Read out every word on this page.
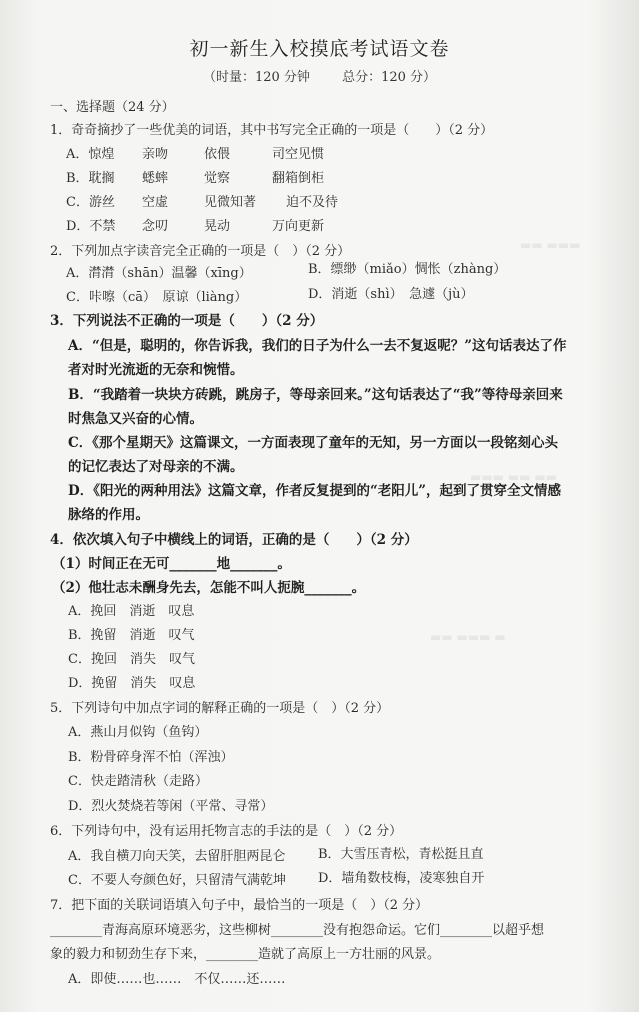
▬▬ ▬▬▬
▬▬▬ ▬▬ ▬▬
▬▬ ▬▬▬ ▬
初一新生入校摸底考试语文卷
（时量：120 分钟 总分：120 分）
一、选择题（24 分）
1．奇奇摘抄了一些优美的词语，其中书写完全正确的一项是（　　）（2 分）
A．惊煌 亲吻	依偎	司空见惯
B．耽搁 蟋蟀	觉察	翻箱倒柜
C．游丝 空虚	见微知著 迫不及待
D．不禁 念叨	晃动	万向更新
2．下列加点字读音完全正确的一项是（　）（2 分）
A．潸潸（shān）温馨（xīng）	B．缥缈（miǎo）惆怅（zhàng）
C．咔嚓（cā）　原谅（liàng）	D．消逝（shì）　急遽（jù）
3．下列说法不正确的一项是（　　）（2 分）
A．“但是，聪明的，你告诉我，我们的日子为什么一去不复返呢？”这句话表达了作
者对时光流逝的无奈和惋惜。
B．“我踏着一块块方砖跳，跳房子，等母亲回来。”这句话表达了“我”等待母亲回来
时焦急又兴奋的心情。
C．《那个星期天》这篇课文，一方面表现了童年的无知，另一方面以一段铭刻心头
的记忆表达了对母亲的不满。
D．《阳光的两种用法》这篇文章，作者反复提到的“老阳儿”，起到了贯穿全文情感
脉络的作用。
4．依次填入句子中横线上的词语，正确的是（　　）（2 分）
（1）时间正在无可_______地_______。
（2）他壮志未酬身先去，怎能不叫人扼腕_______。
A．挽回　消逝　叹息
B．挽留　消逝　叹气
C．挽回　消失　叹气
D．挽留　消失　叹息
5．下列诗句中加点字词的解释正确的一项是（　）（2 分）
A．燕山月似钩（鱼钩）
B．粉骨碎身浑不怕（浑浊）
C．快走踏清秋（走路）
D．烈火焚烧若等闲（平常、寻常）
6．下列诗句中，没有运用托物言志的手法的是（　）（2 分）
A．我自横刀向天笑，去留肝胆两昆仑	B．大雪压青松，青松挺且直
C．不要人夸颜色好，只留清气满乾坤 D．墙角数枝梅，凌寒独自开
7．把下面的关联词语填入句子中，最恰当的一项是（　）（2 分）
________青海高原环境恶劣，这些柳树________没有抱怨命运。它们________以超乎想
象的毅力和韧劲生存下来，________造就了高原上一方壮丽的风景。
A．即使……也……　不仅……还……
